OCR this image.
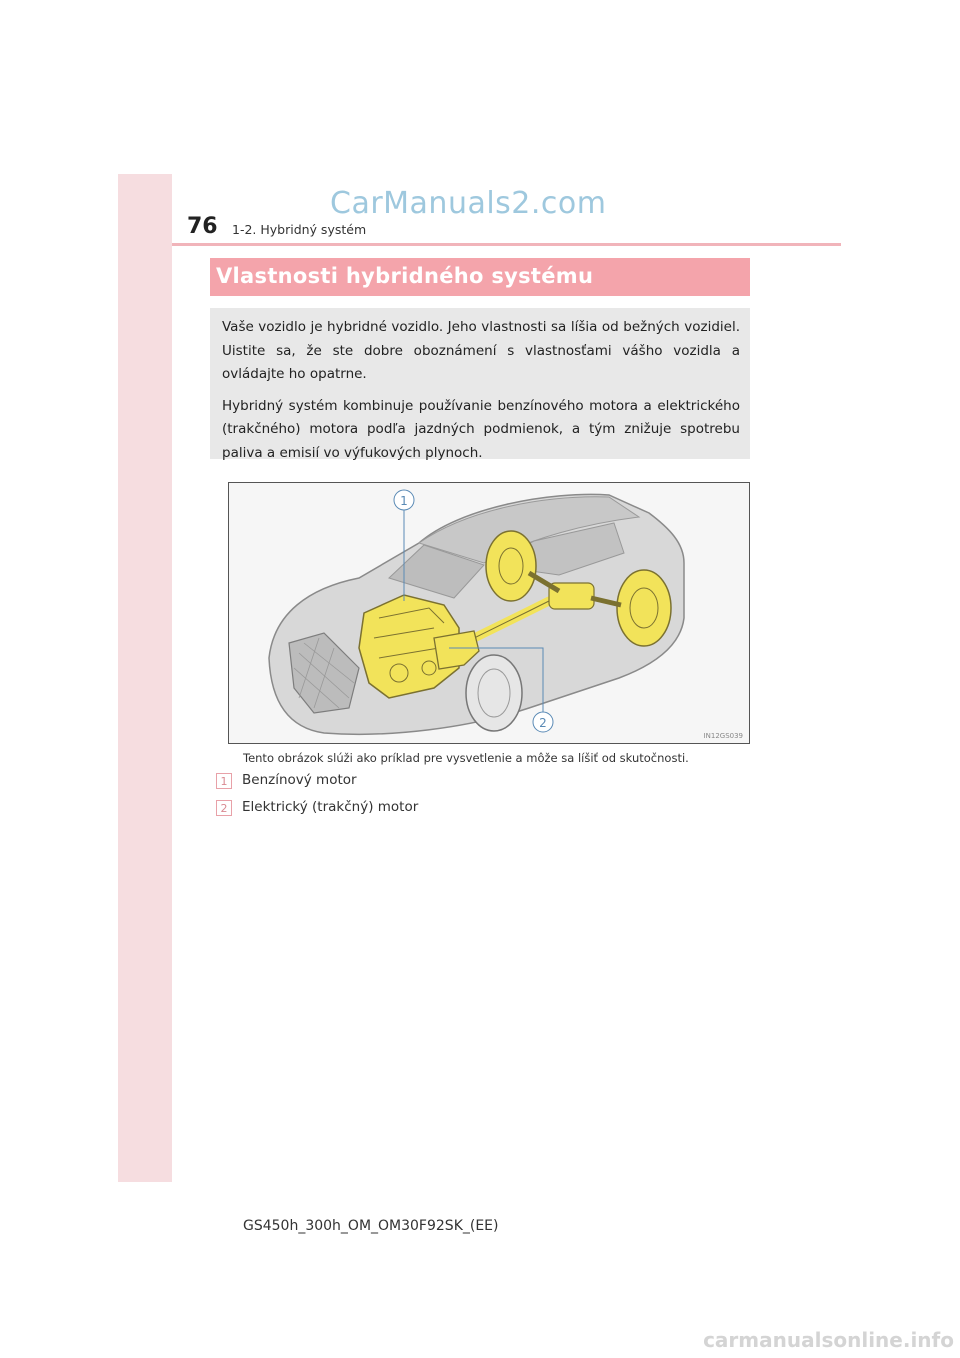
76 1-2. Hybridný systém
CarManuals2.com
Vlastnosti hybridného systému

Vaše vozidlo je hybridné vozidlo. Jeho vlastnosti sa líšia od bežných vozidiel. Uistite sa, že ste dobre oboznámení s vlastnosťami vášho vozidla a ovládajte ho opatrne.

Hybridný systém kombinuje používanie benzínového motora a elektrického (trakčného) motora podľa jazdných podmienok, a tým znižuje spotrebu paliva a emisií vo výfukových plynoch.

1
2
IN12GS039
Tento obrázok slúži ako príklad pre vysvetlenie a môže sa líšiť od skutočnosti.
1	Benzínový motor
2	Elektrický (trakčný) motor
GS450h_300h_OM_OM30F92SK_(EE)
carmanualsonline.info
